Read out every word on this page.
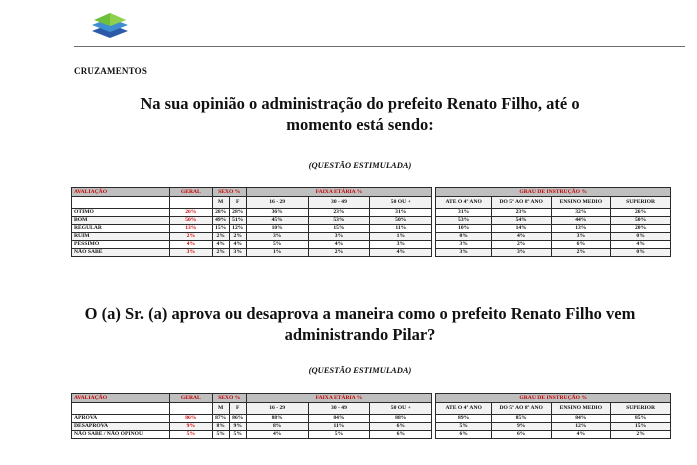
CRUZAMENTOS
Na sua opinião o administração do prefeito Renato Filho, até o
momento está sendo:
(QUESTÃO ESTIMULADA)
AVALIAÇÃO	GERAL	SEXO %		FAIXA ETÁRIA %				GRAU DE INSTRUÇÃO %			
		M	F	16 - 29	30 - 49	50 OU +		ATE O 4º ANO	DO 5º AO 8º ANO	ENSINO MEDIO	SUPERIOR
OTIMO	26%	28%	28%	36%	23%	31%		31%	23%	32%	26%
BOM	50%	49%	51%	45%	53%	50%		53%	54%	44%	50%
REGULAR	13%	15%	12%	10%	15%	11%		10%	14%	13%	20%
RUIM	2%	2%	2%	3%	3%	1%		0%	4%	3%	0%
PÉSSIMO	4%	4%	4%	5%	4%	3%		3%	2%	6%	4%
NÃO SABE	3%	2%	3%	1%	2%	4%		3%	3%	2%	0%
O (a) Sr. (a) aprova ou desaprova a maneira como o prefeito Renato Filho vem
administrando Pilar?
(QUESTÃO ESTIMULADA)
AVALIAÇÃO	GERAL	SEXO %		FAIXA ETÁRIA %				GRAU DE INSTRUÇÃO %			
		M	F	16 - 29	30 - 49	50 OU +		ATE O 4º ANO	DO 5º AO 8º ANO	ENSINO MEDIO	SUPERIOR
APROVA	86%	87%	86%	88%	84%	88%		89%	85%	84%	85%
DESAPROVA	9%	8%	9%	8%	11%	6%		5%	9%	12%	15%
NÃO SABE / NÃO OPINOU	5%	5%	5%	4%	5%	6%		6%	6%	4%	2%
